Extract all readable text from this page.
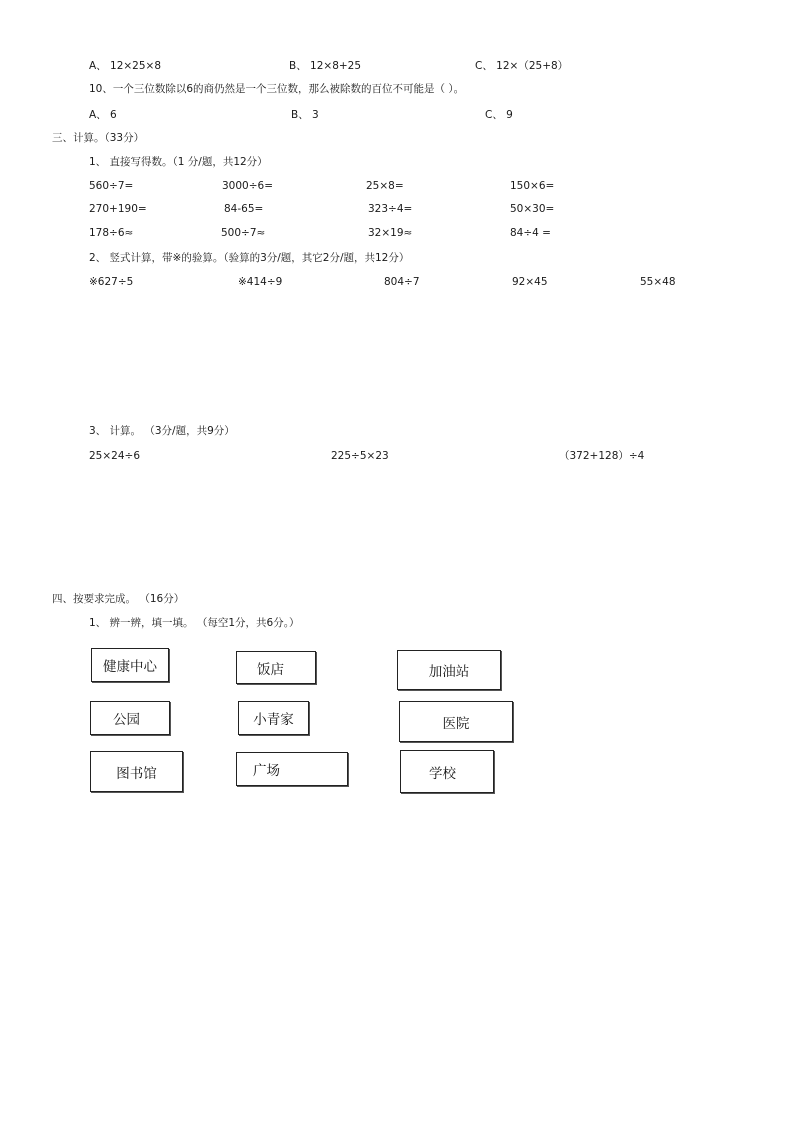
A、 12×25×8	B、 12×8+25	C、 12×（25+8）
10、一个三位数除以6的商仍然是一个三位数，那么被除数的百位不可能是（ ）。
A、 6	B、 3	C、 9
三、计算。（33分）
1、 直接写得数。（1 分/题，共12分）
560÷7=	3000÷6=	25×8=	150×6=
270+190=	84-65=	323÷4=	50×30=
178÷6≈	500÷7≈	32×19≈	84÷4 =
2、 竖式计算，带※的验算。（验算的3分/题，其它2分/题，共12分）
※627÷5	※414÷9	804÷7	92×45	55×48
3、 计算。 （3分/题，共9分）
25×24÷6	225÷5×23	（372+128）÷4
四、按要求完成。 （16分）
1、 辨一辨，填一填。 （每空1分，共6分。）
健康中心	饭店	加油站
公园	小青家	医院
图书馆	广场	学校
